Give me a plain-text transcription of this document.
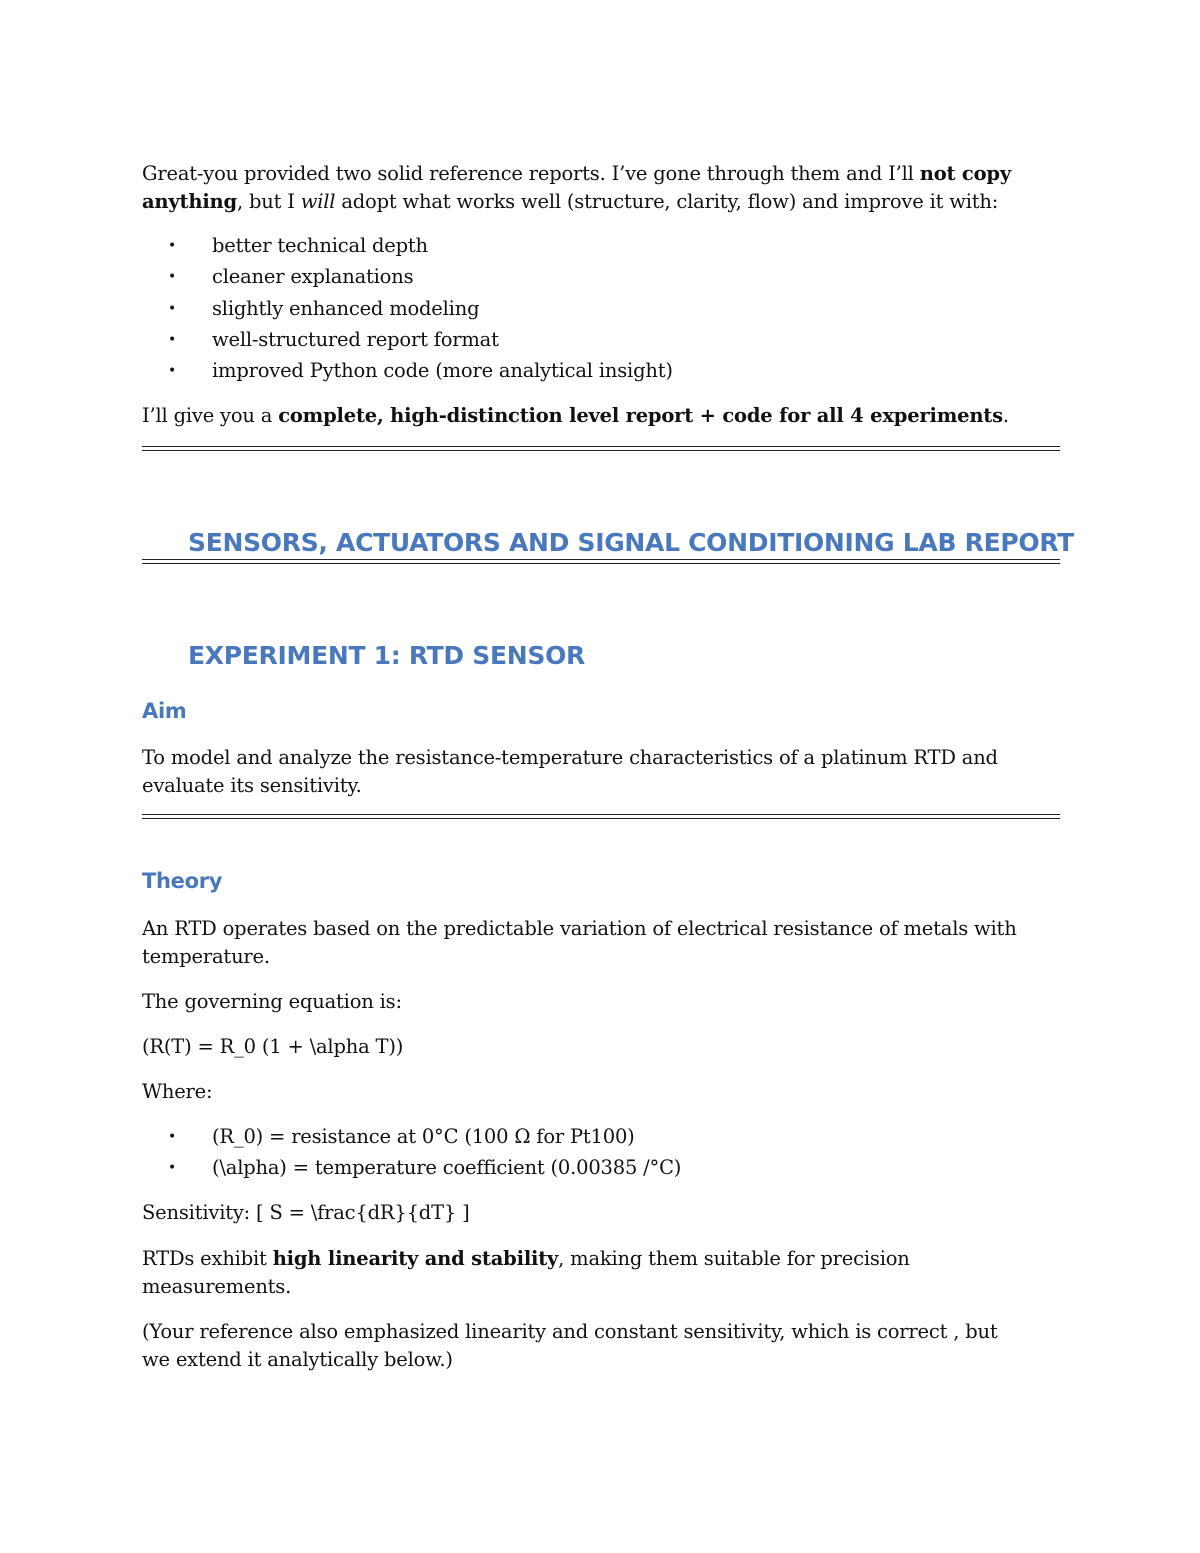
Great-you provided two solid reference reports. I’ve gone through them and I’ll not copy
anything, but I will adopt what works well (structure, clarity, flow) and improve it with:
• better technical depth
• cleaner explanations
• slightly enhanced modeling
• well-structured report format
• improved Python code (more analytical insight)
I’ll give you a complete, high-distinction level report + code for all 4 experiments.
SENSORS, ACTUATORS AND SIGNAL CONDITIONING LAB REPORT
EXPERIMENT 1: RTD SENSOR
Aim
To model and analyze the resistance-temperature characteristics of a platinum RTD and
evaluate its sensitivity.
Theory
An RTD operates based on the predictable variation of electrical resistance of metals with
temperature.
The governing equation is:
(R(T) = R_0 (1 + \alpha T))
Where:
• (R_0) = resistance at 0°C (100 Ω for Pt100)
• (\alpha) = temperature coefficient (0.00385 /°C)
Sensitivity: [ S = \frac{dR}{dT} ]
RTDs exhibit high linearity and stability, making them suitable for precision
measurements.
(Your reference also emphasized linearity and constant sensitivity, which is correct , but
we extend it analytically below.)
